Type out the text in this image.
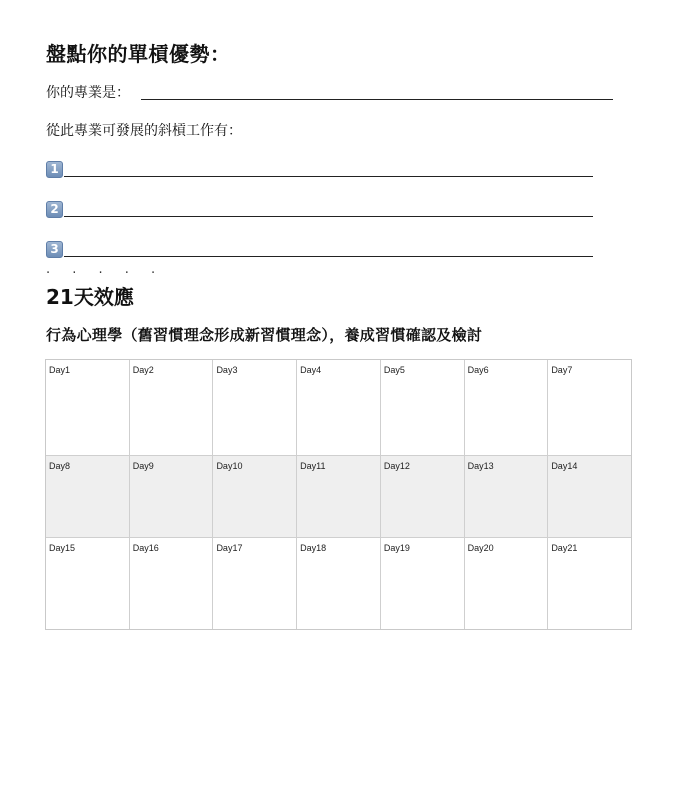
盤點你的單槓優勢：
你的專業是：
從此專業可發展的斜槓工作有：
1
2
3
· · · · ·
21天效應
行為心理學（舊習慣理念形成新習慣理念），養成習慣確認及檢討
Day1	Day2	Day3	Day4	Day5	Day6	Day7
Day8	Day9	Day10	Day11	Day12	Day13	Day14
Day15	Day16	Day17	Day18	Day19	Day20	Day21
